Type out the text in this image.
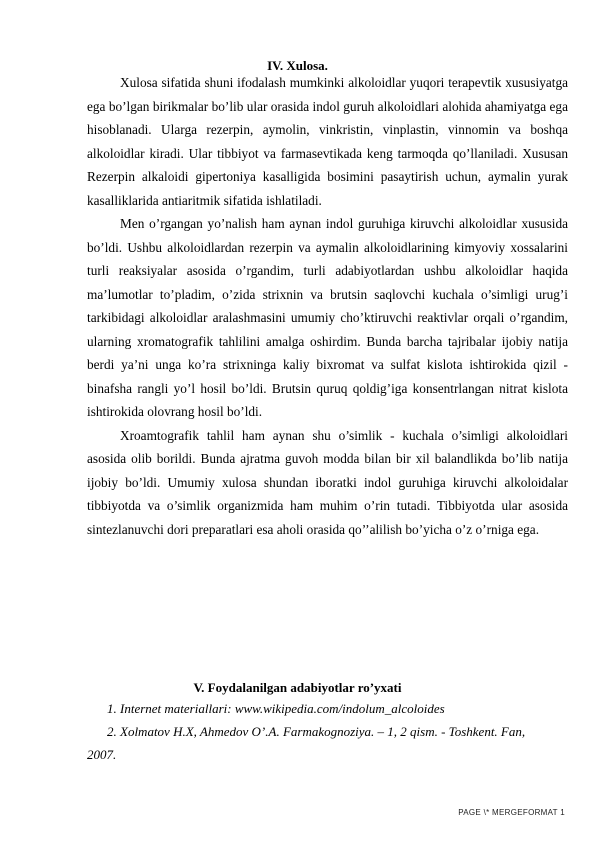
IV. Xulosa.

Xulosa sifatida shuni ifodalash mumkinki alkoloidlar yuqori terapevtik xususiyatga ega bo’lgan birikmalar bo’lib ular orasida indol guruh alkoloidlari alohida ahamiyatga ega hisoblanadi. Ularga rezerpin, aymolin, vinkristin, vinplastin, vinnomin va boshqa alkoloidlar kiradi. Ular tibbiyot va farmasevtikada keng tarmoqda qo’llaniladi. Xususan Rezerpin alkaloidi gipertoniya kasalligida bosimini pasaytirish uchun, aymalin yurak kasalliklarida antiaritmik sifatida ishlatiladi.

Men o’rgangan yo’nalish ham aynan indol guruhiga kiruvchi alkoloidlar xususida bo’ldi. Ushbu alkoloidlardan rezerpin va aymalin alkoloidlarining kimyoviy xossalarini turli reaksiyalar asosida o’rgandim, turli adabiyotlardan ushbu alkoloidlar haqida ma’lumotlar to’pladim, o’zida strixnin va brutsin saqlovchi kuchala o’simligi urug’i tarkibidagi alkoloidlar aralashmasini umumiy cho’ktiruvchi reaktivlar orqali o’rgandim, ularning xromatografik tahlilini amalga oshirdim. Bunda barcha tajribalar ijobiy natija berdi ya’ni unga ko’ra strixninga kaliy bixromat va sulfat kislota ishtirokida qizil - binafsha rangli yo’l hosil bo’ldi. Brutsin quruq qoldig’iga konsentrlangan nitrat kislota ishtirokida olovrang hosil bo’ldi.

Xroamtografik tahlil ham aynan shu o’simlik - kuchala o’simligi alkoloidlari asosida olib borildi. Bunda ajratma guvoh modda bilan bir xil balandlikda bo’lib natija ijobiy bo’ldi. Umumiy xulosa shundan iboratki indol guruhiga kiruvchi alkoloidalar tibbiyotda va o’simlik organizmida ham muhim o’rin tutadi. Tibbiyotda ular asosida sintezlanuvchi dori preparatlari esa aholi orasida qo’’alilish bo’yicha o’z o’rniga ega.

V. Foydalanilgan adabiyotlar ro’yxati

1. Internet materiallari: www.wikipedia.com/indolum_alcoloides

2. Xolmatov H.X, Ahmedov O’.A. Farmakognoziya. – 1, 2 qism. - Toshkent. Fan, 2007.

PAGE \* MERGEFORMAT 1
